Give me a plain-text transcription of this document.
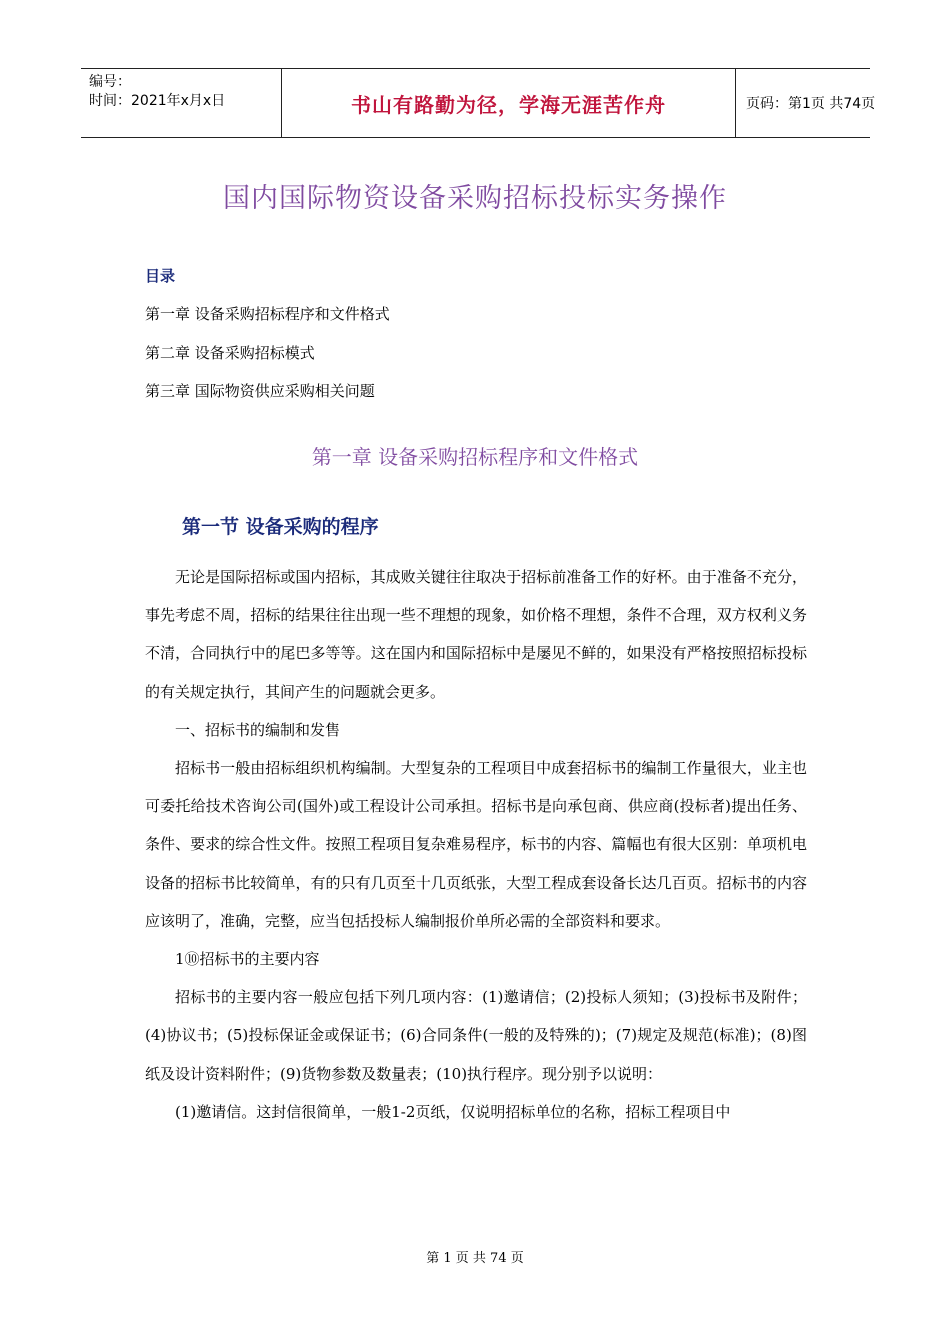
编号：
时间：2021年x月x日	书山有路勤为径，学海无涯苦作舟	页码：第1页 共74页
国内国际物资设备采购招标投标实务操作
目录
第一章 设备采购招标程序和文件格式
第二章 设备采购招标模式
第三章 国际物资供应采购相关问题
第一章 设备采购招标程序和文件格式
第一节 设备采购的程序

无论是国际招标或国内招标，其成败关键往往取决于招标前准备工作的好杯。由于准备不充分，事先考虑不周，招标的结果往往出现一些不理想的现象，如价格不理想，条件不合理，双方权利义务不清，合同执行中的尾巴多等等。这在国内和国际招标中是屡见不鲜的，如果没有严格按照招标投标的有关规定执行，其间产生的问题就会更多。

一、招标书的编制和发售

招标书一般由招标组织机构编制。大型复杂的工程项目中成套招标书的编制工作量很大，业主也可委托给技术咨询公司(国外)或工程设计公司承担。招标书是向承包商、供应商(投标者)提出任务、条件、要求的综合性文件。按照工程项目复杂难易程序，标书的内容、篇幅也有很大区别：单项机电设备的招标书比较简单，有的只有几页至十几页纸张，大型工程成套设备长达几百页。招标书的内容应该明了，准确，完整，应当包括投标人编制报价单所必需的全部资料和要求。

1⑩招标书的主要内容

招标书的主要内容一般应包括下列几项内容：(1)邀请信；(2)投标人须知；(3)投标书及附件；(4)协议书；(5)投标保证金或保证书；(6)合同条件(一般的及特殊的)；(7)规定及规范(标准)；(8)图纸及设计资料附件；(9)货物参数及数量表；(10)执行程序。现分别予以说明：

(1)邀请信。这封信很简单，一般1-2页纸，仅说明招标单位的名称，招标工程项目中

第 1 页 共 74 页
